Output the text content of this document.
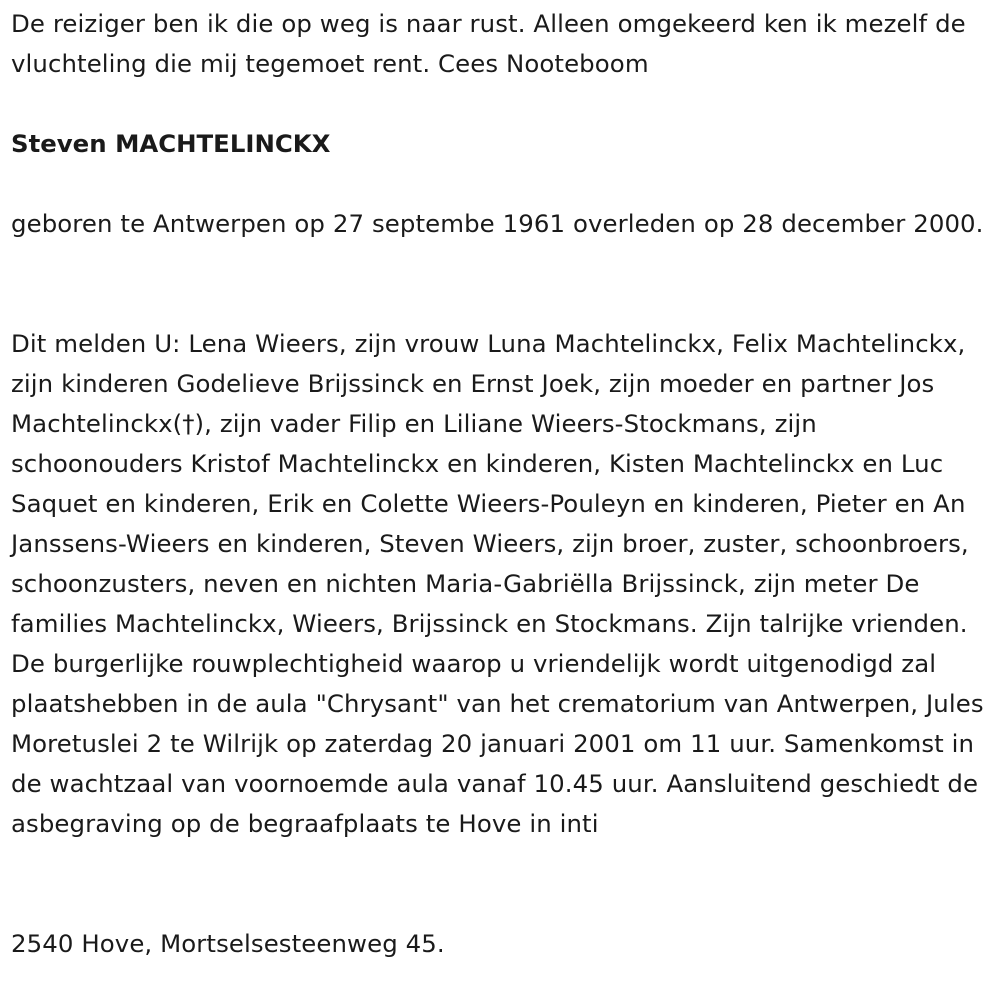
De reiziger ben ik die op weg is naar rust. Alleen omgekeerd ken ik mezelf de vluchteling die mij tegemoet rent. Cees Nooteboom

Steven MACHTELINCKX

geboren te Antwerpen op 27 septembe 1961 overleden op 28 december 2000.

Dit melden U: Lena Wieers, zijn vrouw Luna Machtelinckx, Felix Machtelinckx, zijn kinderen Godelieve Brijssinck en Ernst Joek, zijn moeder en partner Jos Machtelinckx(†), zijn vader Filip en Liliane Wieers-Stockmans, zijn schoonouders Kristof Machtelinckx en kinderen, Kisten Machtelinckx en Luc Saquet en kinderen, Erik en Colette Wieers-Pouleyn en kinderen, Pieter en An Janssens-Wieers en kinderen, Steven Wieers, zijn broer, zuster, schoonbroers, schoonzusters, neven en nichten Maria-Gabriëlla Brijssinck, zijn meter De families Machtelinckx, Wieers, Brijssinck en Stockmans. Zijn talrijke vrienden. De burgerlijke rouwplechtigheid waarop u vriendelijk wordt uitgenodigd zal plaatshebben in de aula "Chrysant" van het crematorium van Antwerpen, Jules Moretuslei 2 te Wilrijk op zaterdag 20 januari 2001 om 11 uur. Samenkomst in de wachtzaal van voornoemde aula vanaf 10.45 uur. Aansluitend geschiedt de asbegraving op de begraafplaats te Hove in inti

2540 Hove, Mortselsesteenweg 45.
